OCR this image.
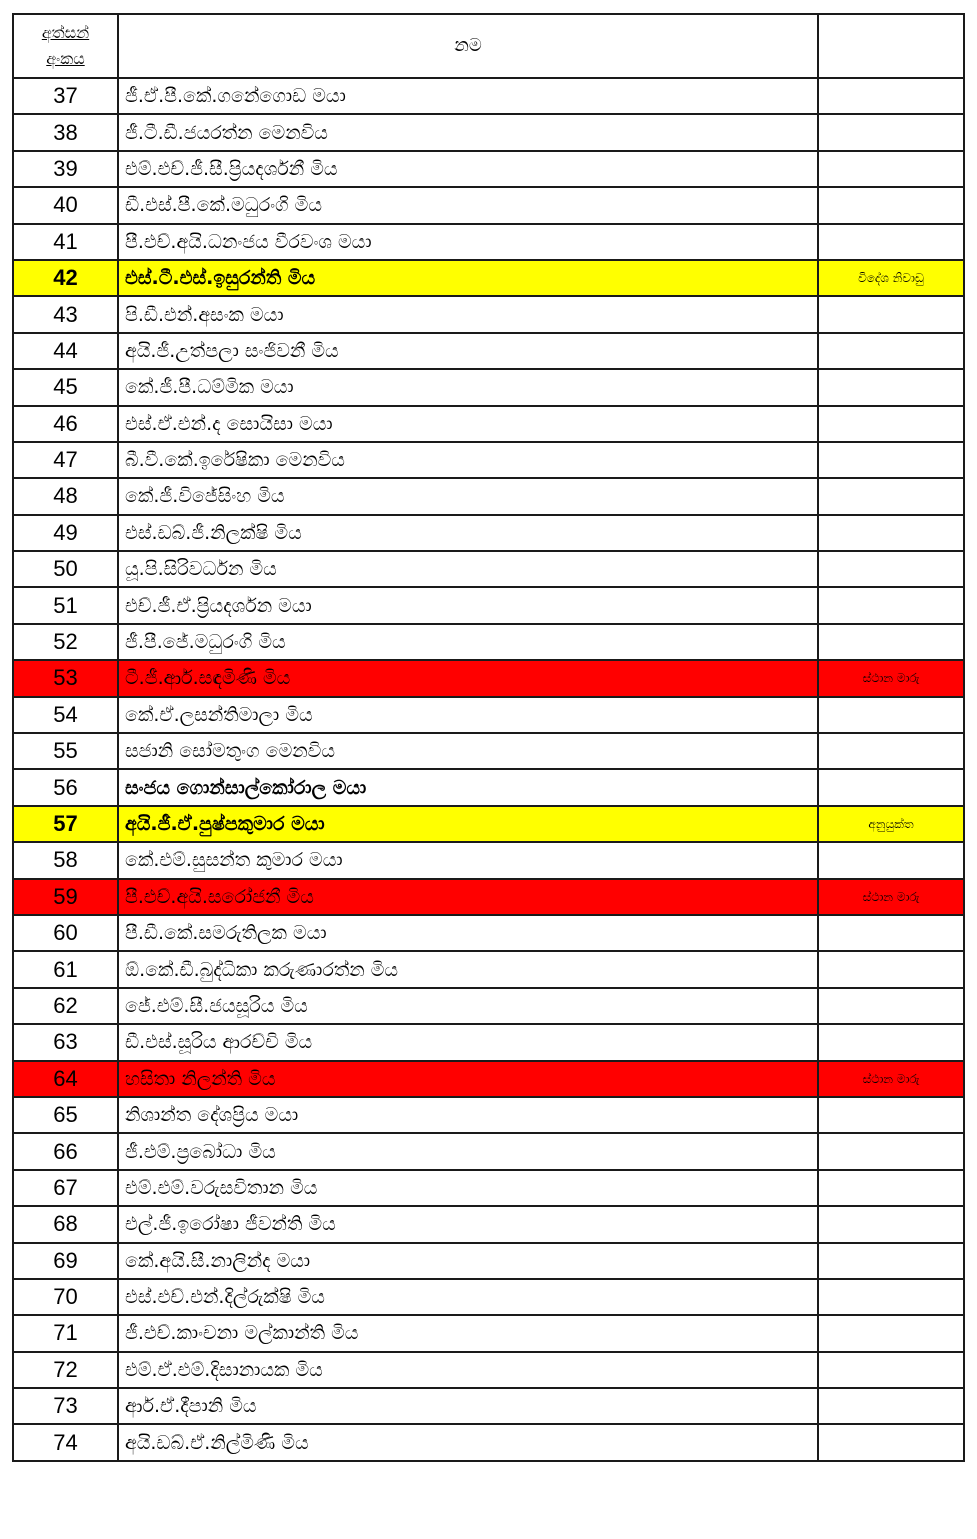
අත්සන්
අංකය	නම	
37	ජී.ඒ.පී.කේ.ගනේගොඩ මයා	
38	ජී.ටී.ඩී.ජයරත්න මෙනවිය	
39	එම්.එච්.ජී.සී.ප්‍රියදර්ශනී මිය	
40	ඩී.එස්.පී.කේ.මධුරංගි මිය	
41	පී.එච්.අයි.ධනංජය වීරවංශ මයා	
42	එස්.ටී.එස්.ඉසුරන්ති මිය	විදේශ නිවාඩු
43	පි.ඩී.එන්.අසංක මයා	
44	අයි.ජී.උත්පලා සංජිවනී මිය	
45	කේ.ජී.පී.ධම්මික මයා	
46	එස්.ඒ.එන්.ද සොයිසා මයා	
47	බී.වී.කේ.ඉරේෂිකා මෙනවිය	
48	කේ.ජී.විජේසිංහ මිය	
49	එස්.ඩබ්.ජී.නිලක්ෂි මිය	
50	යූ.පි.සිරිවර්ධන මිය	
51	එච්.ජී.ඒ.ප්‍රියදර්ශන මයා	
52	ජී.පී.ජේ.මධුරංගි මිය	
53	ටී.ජී.ආර්.සඳමිණි මිය	ස්ථාන මාරු
54	කේ.ඒ.ලසන්තිමාලා මිය	
55	සජානි සෝමතුංග මෙනවිය	
56	සංජය ගොන්සාල්කෝරාල මයා	
57	අයි.ජී.ඒ.පුෂ්පකුමාර මයා	අනුයුක්ත
58	කේ.එම්.සුසන්ත කුමාර මයා	
59	පී.එච්.අයි.සරෝජනී මිය	ස්ථාන මාරු
60	පී.ඩී.කේ.සමරුතිලක මයා	
61	ඕ.කේ.ඩී.බුද්ධිකා කරුණාරත්න මිය	
62	ජේ.එම්.සී.ජයසූරිය මිය	
63	ඩී.එස්.සූරිය ආරච්චි මිය	
64	හසිතා නිලන්ති මිය	ස්ථාන මාරු
65	නිශාන්ත දේශප්‍රිය මයා	
66	ජී.එම්.ප්‍රබෝධා මිය	
67	එම්.එම්.වරුසවිතාන මිය	
68	එල්.ජී.ඉරෝෂා ජීවන්ති මිය	
69	කේ.අයි.සී.නාලින්ද මයා	
70	එස්.එච්.එන්.දිල්රුක්ෂි මිය	
71	ජී.එච්.කාංචනා මල්කාන්ති මිය	
72	එම්.ඒ.එම්.දිසානායක මිය	
73	ආර්.ඒ.දීපානි මිය	
74	අයි.ඩබ්.ඒ.නිල්මිණි මිය	
